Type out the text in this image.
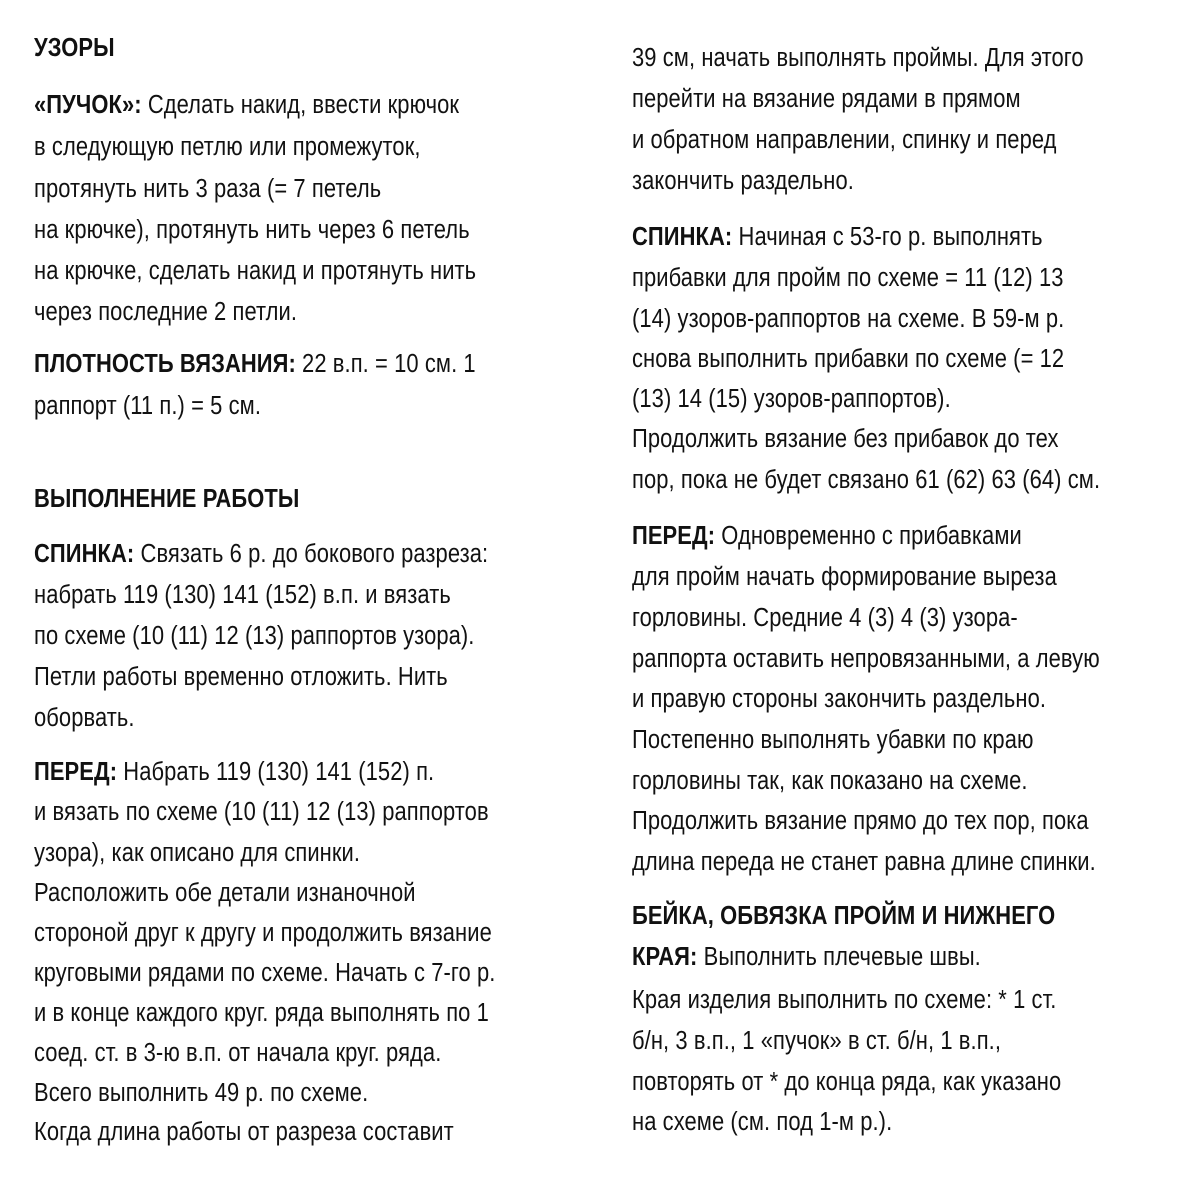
УЗОРЫ
«ПУЧОК»: Сделать накид, ввести крючок
в следующую петлю или промежуток,
протянуть нить 3 раза (= 7 петель
на крючке), протянуть нить через 6 петель
на крючке, сделать накид и протянуть нить
через последние 2 петли.
ПЛОТНОСТЬ ВЯЗАНИЯ: 22 в.п. = 10 см. 1
раппорт (11 п.) = 5 см.
ВЫПОЛНЕНИЕ РАБОТЫ
СПИНКА: Связать 6 р. до бокового разреза:
набрать 119 (130) 141 (152) в.п. и вязать
по схеме (10 (11) 12 (13) раппортов узора).
Петли работы временно отложить. Нить
оборвать.
ПЕРЕД: Набрать 119 (130) 141 (152) п.
и вязать по схеме (10 (11) 12 (13) раппортов
узора), как описано для спинки.
Расположить обе детали изнаночной
стороной друг к другу и продолжить вязание
круговыми рядами по схеме. Начать с 7-го р.
и в конце каждого круг. ряда выполнять по 1
соед. ст. в 3-ю в.п. от начала круг. ряда.
Всего выполнить 49 р. по схеме.
Когда длина работы от разреза составит
39 см, начать выполнять проймы. Для этого
перейти на вязание рядами в прямом
и обратном направлении, спинку и перед
закончить раздельно.
СПИНКА: Начиная с 53-го р. выполнять
прибавки для пройм по схеме = 11 (12) 13
(14) узоров-раппортов на схеме. В 59-м р.
снова выполнить прибавки по схеме (= 12
(13) 14 (15) узоров-раппортов).
Продолжить вязание без прибавок до тех
пор, пока не будет связано 61 (62) 63 (64) см.
ПЕРЕД: Одновременно с прибавками
для пройм начать формирование выреза
горловины. Средние 4 (3) 4 (3) узора-
раппорта оставить непровязанными, а левую
и правую стороны закончить раздельно.
Постепенно выполнять убавки по краю
горловины так, как показано на схеме.
Продолжить вязание прямо до тех пор, пока
длина переда не станет равна длине спинки.
БЕЙКА, ОБВЯЗКА ПРОЙМ И НИЖНЕГО
КРАЯ: Выполнить плечевые швы.
Края изделия выполнить по схеме: * 1 ст.
б/н, 3 в.п., 1 «пучок» в ст. б/н, 1 в.п.,
повторять от * до конца ряда, как указано
на схеме (см. под 1-м р.).
